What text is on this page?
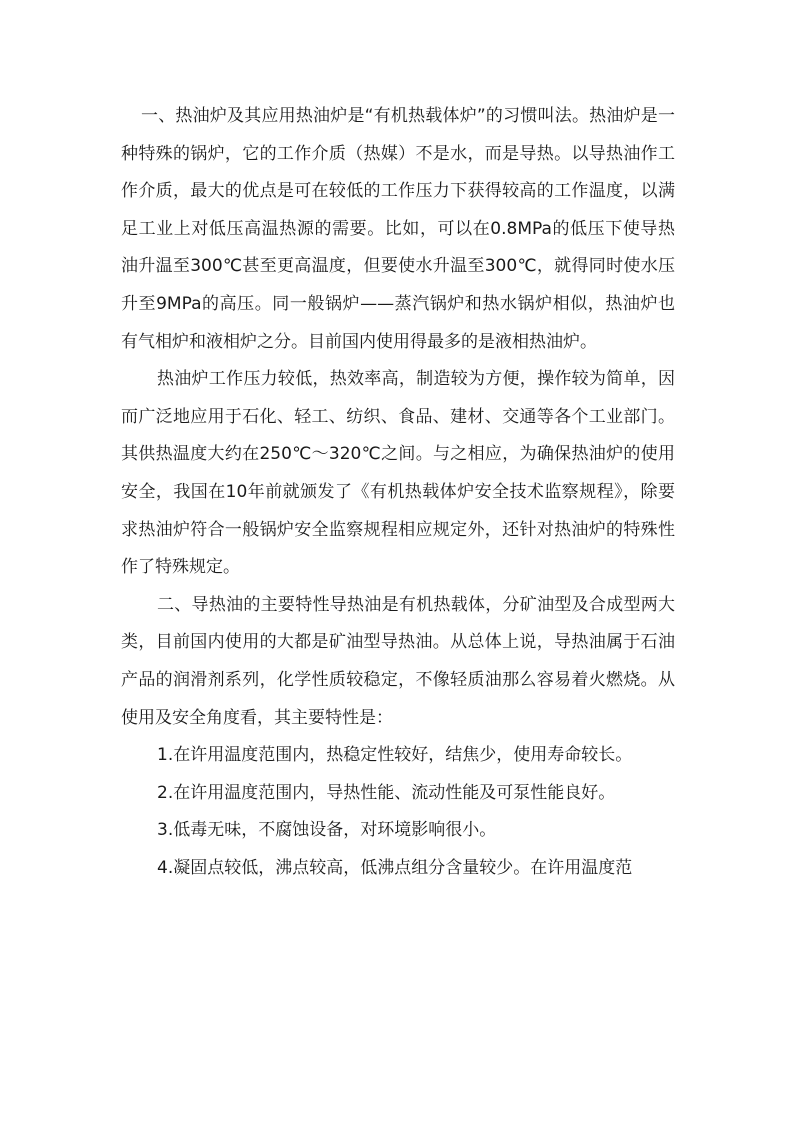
一、热油炉及其应用热油炉是“有机热载体炉”的习惯叫法。热油炉是一种特殊的锅炉，它的工作介质（热媒）不是水，而是导热。以导热油作工作介质，最大的优点是可在较低的工作压力下获得较高的工作温度，以满足工业上对低压高温热源的需要。比如，可以在0.8MPa的低压下使导热油升温至300℃甚至更高温度，但要使水升温至300℃，就得同时使水压升至9MPa的高压。同一般锅炉——蒸汽锅炉和热水锅炉相似，热油炉也有气相炉和液相炉之分。目前国内使用得最多的是液相热油炉。

热油炉工作压力较低，热效率高，制造较为方便，操作较为简单，因而广泛地应用于石化、轻工、纺织、食品、建材、交通等各个工业部门。其供热温度大约在250℃～320℃之间。与之相应，为确保热油炉的使用安全，我国在10年前就颁发了《有机热载体炉安全技术监察规程》，除要求热油炉符合一般锅炉安全监察规程相应规定外，还针对热油炉的特殊性作了特殊规定。

二、导热油的主要特性导热油是有机热载体，分矿油型及合成型两大类，目前国内使用的大都是矿油型导热油。从总体上说，导热油属于石油产品的润滑剂系列，化学性质较稳定，不像轻质油那么容易着火燃烧。从使用及安全角度看，其主要特性是：

1.在许用温度范围内，热稳定性较好，结焦少，使用寿命较长。

2.在许用温度范围内，导热性能、流动性能及可泵性能良好。

3.低毒无味，不腐蚀设备，对环境影响很小。

4.凝固点较低，沸点较高，低沸点组分含量较少。在许用温度范
